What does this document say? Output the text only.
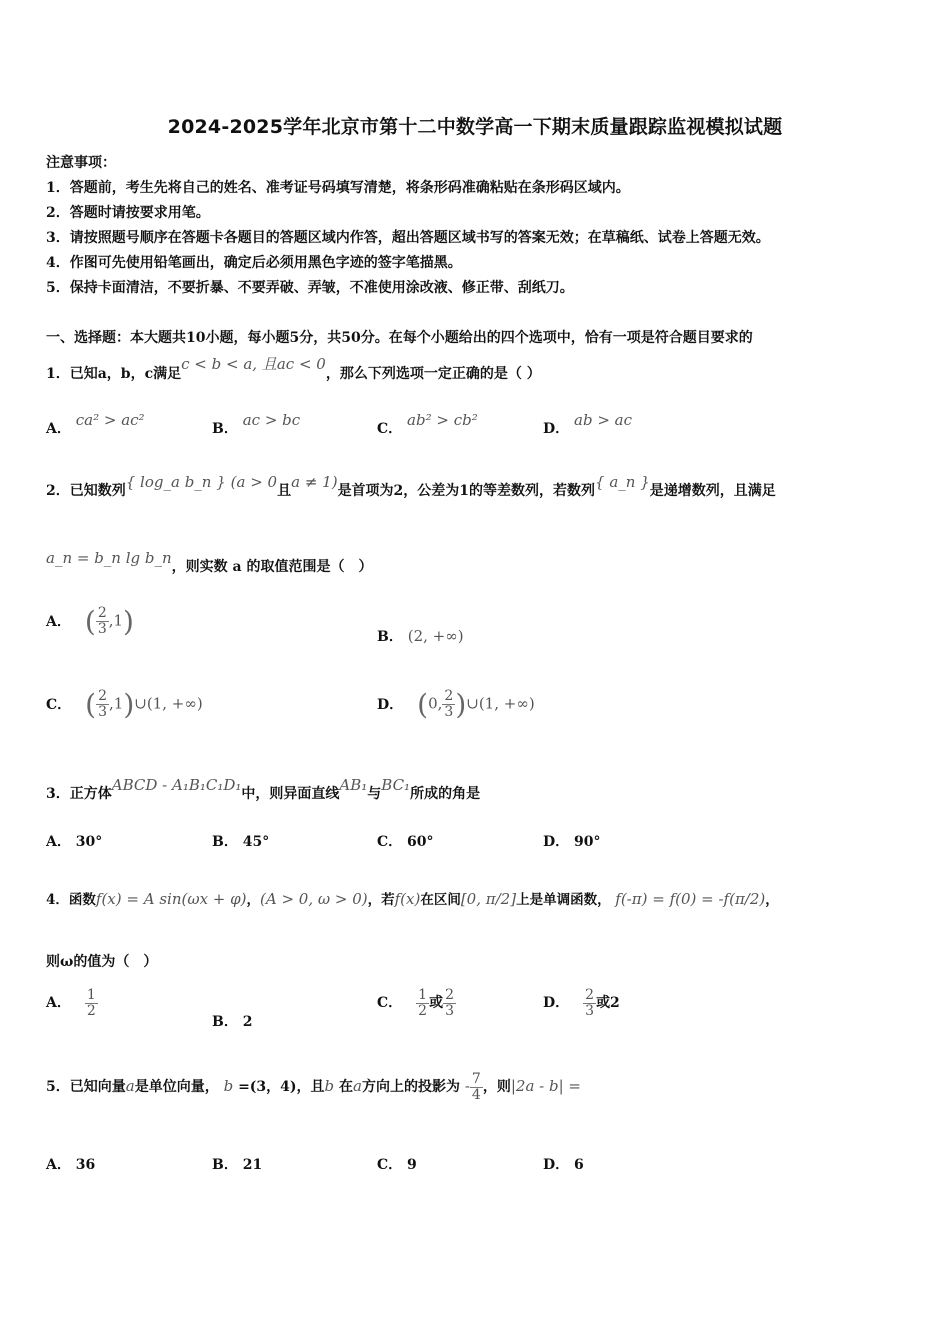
2024-2025学年北京市第十二中数学高一下期末质量跟踪监视模拟试题
注意事项：
1．答题前，考生先将自己的姓名、准考证号码填写清楚，将条形码准确粘贴在条形码区域内。
2．答题时请按要求用笔。
3．请按照题号顺序在答题卡各题目的答题区域内作答，超出答题区域书写的答案无效；在草稿纸、试卷上答题无效。
4．作图可先使用铅笔画出，确定后必须用黑色字迹的签字笔描黑。
5．保持卡面清洁，不要折暴、不要弄破、弄皱，不准使用涂改液、修正带、刮纸刀。
一、选择题：本大题共10小题，每小题5分，共50分。在每个小题给出的四个选项中，恰有一项是符合题目要求的
1．已知a，b，c满足c < b < a, 且ac < 0，那么下列选项一定正确的是（ ）
A． ca² > ac²	B． ac > bc	C． ab² > cb²	D． ab > ac
2．已知数列{ log_a b_n } (a > 0且a ≠ 1)是首项为2，公差为1的等差数列，若数列{ a_n }是递增数列，且满足
a_n = b_n lg b_n，则实数 a 的取值范围是（　）
A． ( $\frac{2}{3} ,1$)	B． (2, +∞)
C． ( $\frac{2}{3}$ ,1)∪(1, +∞)	D． (0, $\frac{2}{3}$ )∪(1, +∞)
3．正方体ABCD - A₁B₁C₁D₁中，则异面直线AB₁与BC₁所成的角是
A． 30°	B． 45°	C． 60°	D． 90°
4．函数f(x) = A sin(ωx + φ)，(A > 0, ω > 0)，若f(x)在区间[0, π/2]上是单调函数， f(-π) = f(0) = -f(π/2)，
则ω的值为（　）
A． $\frac{1}{2}$
B． 2
C． $\frac{1}{2}$ 或 $\frac{2}{3}$	D． $\frac{2}{3}$ 或2
5．已知向量a是单位向量， b =(3，4)，且b 在a方向上的投影为 - $\frac{7}{4}$ ，则|2a - b| =
A． 36	B． 21	C． 9	D． 6
